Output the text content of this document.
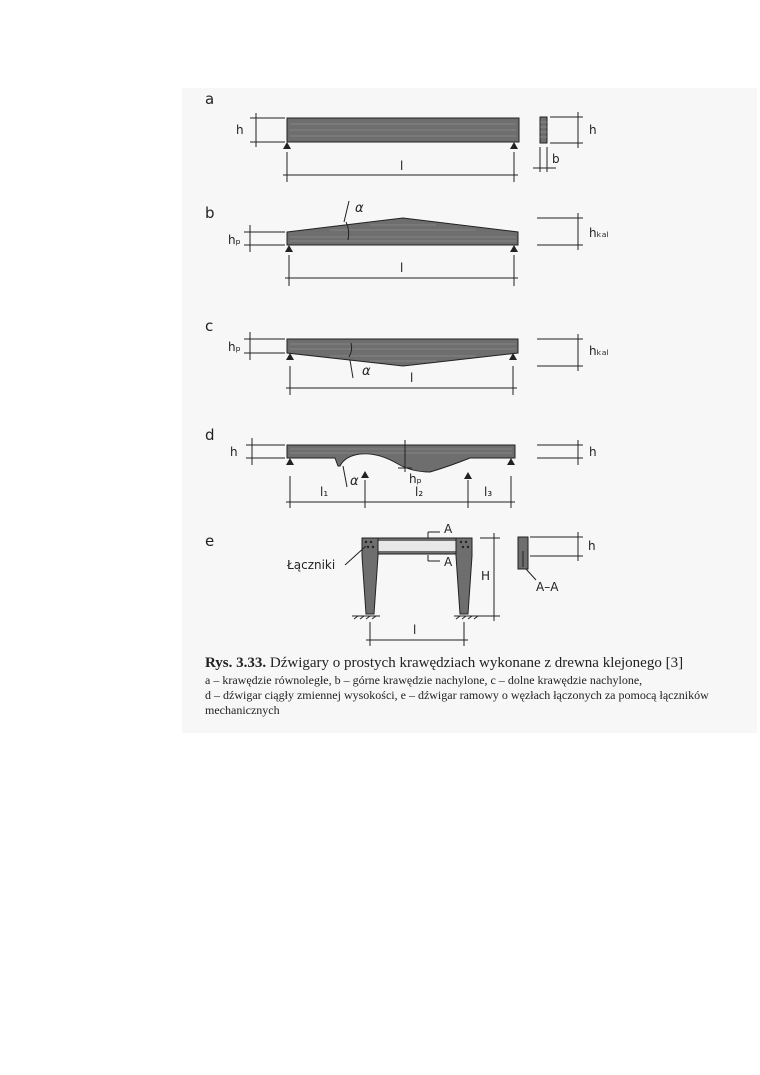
a
h
l
h
b
b
hₚ
α
hₖₐₗ
l
c
hₚ
α
hₖₐₗ
l
d
h
hₚ
α
h
l₁	l₂	l₃
e
A
A
Łączniki
H
h
A–A
l
Rys. 3.33. Dźwigary o prostych krawędziach wykonane z drewna klejonego [3]
a – krawędzie równoległe, b – górne krawędzie nachylone, c – dolne krawędzie nachylone,
d – dźwigar ciągły zmiennej wysokości, e – dźwigar ramowy o węzłach łączonych za pomocą łączników
mechanicznych
